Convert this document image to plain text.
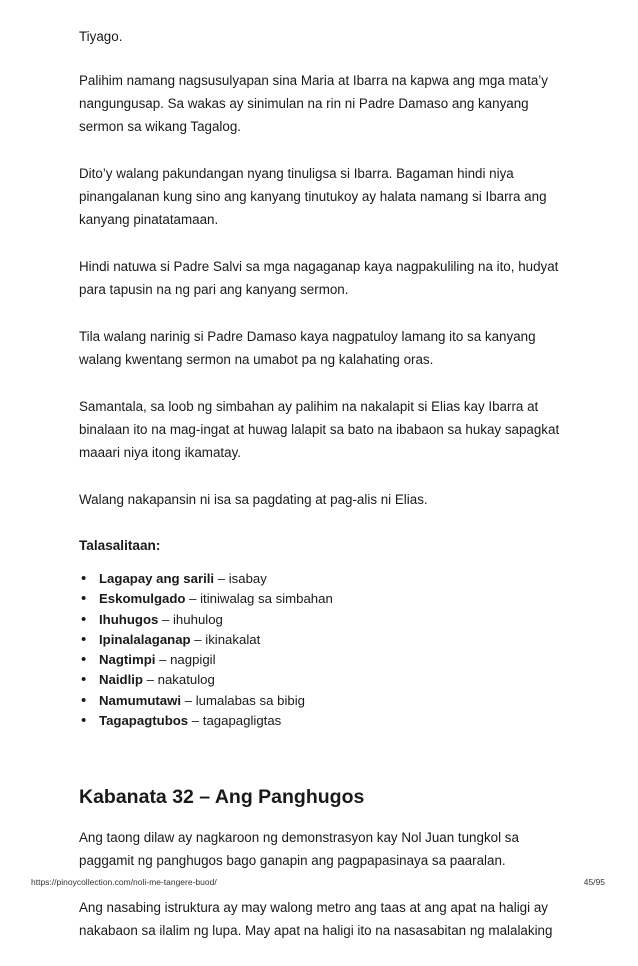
Tiyago.

Palihim namang nagsusulyapan sina Maria at Ibarra na kapwa ang mga mata’y nangungusap. Sa wakas ay sinimulan na rin ni Padre Damaso ang kanyang sermon sa wikang Tagalog.

Dito’y walang pakundangan nyang tinuligsa si Ibarra. Bagaman hindi niya pinangalanan kung sino ang kanyang tinutukoy ay halata namang si Ibarra ang kanyang pinatatamaan.

Hindi natuwa si Padre Salvi sa mga nagaganap kaya nagpakuliling na ito, hudyat para tapusin na ng pari ang kanyang sermon.

Tila walang narinig si Padre Damaso kaya nagpatuloy lamang ito sa kanyang walang kwentang sermon na umabot pa ng kalahating oras.

Samantala, sa loob ng simbahan ay palihim na nakalapit si Elias kay Ibarra at binalaan ito na mag-ingat at huwag lalapit sa bato na ibabaon sa hukay sapagkat maaari niya itong ikamatay.

Walang nakapansin ni isa sa pagdating at pag-alis ni Elias.

Talasalitaan:
• Lagapay ang sarili – isabay
• Eskomulgado – itiniwalag sa simbahan
• Ihuhugos – ihuhulog
• Ipinalalaganap – ikinakalat
• Nagtimpi – nagpigil
• Naidlip – nakatulog
• Namumutawi – lumalabas sa bibig
• Tagapagtubos – tagapagligtas
Kabanata 32 – Ang Panghugos

Ang taong dilaw ay nagkaroon ng demonstrasyon kay Nol Juan tungkol sa paggamit ng panghugos bago ganapin ang pagpapasinaya sa paaralan.

Ang nasabing istruktura ay may walong metro ang taas at ang apat na haligi ay nakabaon sa ilalim ng lupa. May apat na haligi ito na nasasabitan ng malalaking

https://pinoycollection.com/noli-me-tangere-buod/	45/95
